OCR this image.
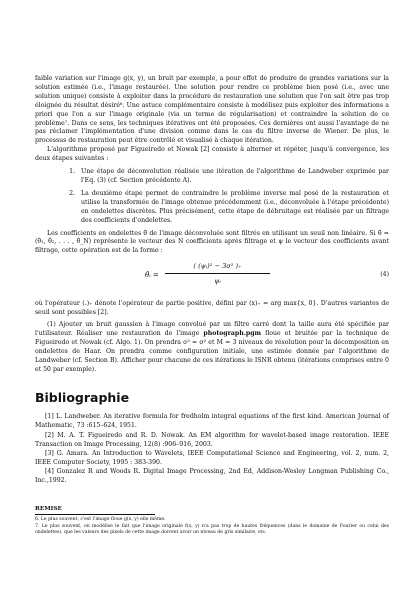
faible variation sur l'image g(x, y), un bruit par exemple, a pour effet de produire de grandes variations sur la solution estimée (i.e., l'image restaurée). Une solution pour rendre ce problème bien posé (i.e., avec une solution unique) consiste à exploiter dans la procédure de restauration une solution que l'on sait être pas trop éloignée du résultat désiré⁶. Une astuce complémentaire consiste à modélisez puis exploiter des informations a priori que l'on a sur l'image originale (via un terme de régularisation) et contraindre la solution de ce problème⁷. Dans ce sens, les techniques itératives ont été proposées. Ces dernières ont aussi l'avantage de ne pas réclamer l'implémentation d'une division comme dans le cas du filtre inverse de Wiener. De plus, le processus de restauration peut être contrôlé et visualisé à chaque itération.

L'algorithme proposé par Figueiredo et Nowak [2] consiste à alterner et répéter, jusqu'à convergence, les deux étapes suivantes :

1. Une étape de déconvolution réalisée une itération de l'algorithme de Landweber exprimée par l'Eq. (3) (cf. Section précédente A).
2. La deuxième étape permet de contraindre le problème inverse mal posé de la restauration et utilise la transformée de l'image obtenue précédemment (i.e., déconvoluée à l'étape précédente) en ondelettes discrètes. Plus précisément, cette étape de débruitage est réalisée par un filtrage des coefficients d'ondelettes.

Les coefficients en ondelettes θ̂ de l'image déconvoluée sont filtrés en utilisant un seuil non linéaire. Si θ̂ = (θ̂₁, θ̂₂, . . . , θ̂_N) représente le vecteur des N coefficients après filtrage et ψ le vecteur des coefficients avant filtrage, cette opération est de la forme :

θ̂ᵢ = $\frac{\text{( (ψᵢ)² − 3σ² )₊}}{\text{ψᵢ}}$	(4)

où l'opérateur (.)₊ dénote l'opérateur de partie positive, défini par (x)₊ = arg max{x, 0}. D'autres variantes de seuil sont possibles [2].

(1) Ajouter un bruit gaussien à l'image convolué par un filtre carré dont la taille aura été spécifiée par l'utilisateur. Réaliser une restauration de l'image photograph.pgm floue et bruitée par la technique de Figueiredo et Nowak (cf. Algo. 1). On prendra σ² = σ² et M = 3 niveaux de résolution pour la décomposition en ondelettes de Haar. On prendra comme configuration initiale, une estimée donnée par l'algorithme de Landweber (cf. Section B). Afficher pour chacune de ces itérations le ISNR obtenu (itérations comprises entre 0 et 50 par exemple).

Bibliographie

[1] L. Landweber. An iterative formula for fredholm integral equations of the first kind. American Journal of Mathematic, 73 :615–624, 1951.

[2] M. A. T. Figueiredo and R. D. Nowak. An EM algorithm for wavelet-based image restoration. IEEE Transaction on Image Processing, 12(8) :906–916, 2003.

[3] G. Amara. An Introduction to Wavelets, IEEE Computational Science and Engineering, vol. 2, num. 2, IEEE Computer Society, 1995 : 383-390.

[4] Gonzalez R and Woods R. Digital Image Processing, 2nd Ed, Addison-Wesley Longman Publishing Co., Inc.,1992.

REMISE

6. Le plus souvent, c'est l'image floue g(x, y) elle même.

7. Le plus souvent, on modélise le fait que l'image originale f(x, y) n'a pas trop de hautes fréquences (dans le domaine de Fourier ou celui des ondelettes), que les valeurs des pixels de cette image doivent avoir un niveau de gris similaire, etc.
